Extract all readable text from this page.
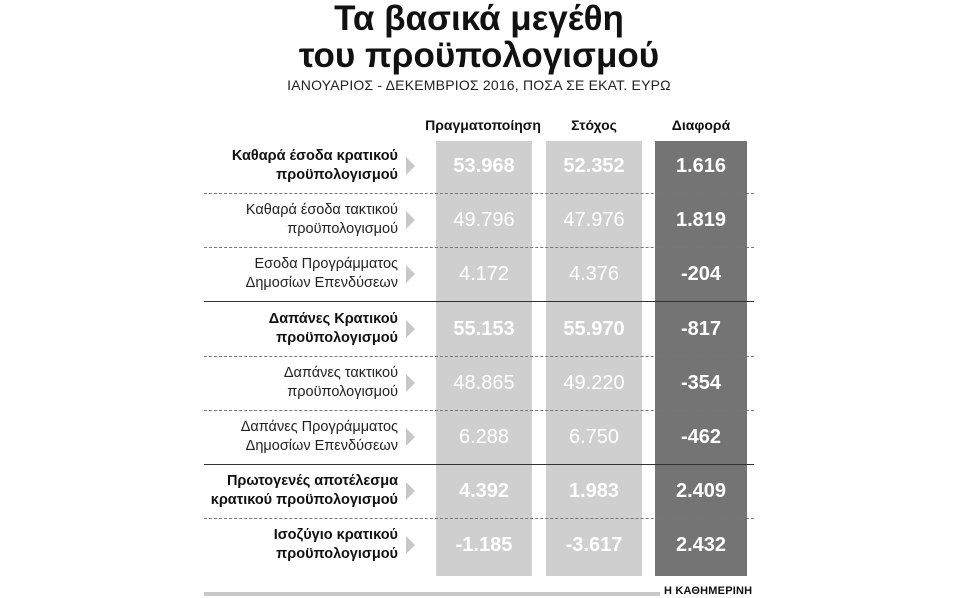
Τα βασικά μεγέθη
του προϋπολογισμού
ΙΑΝΟΥΑΡΙΟΣ - ΔΕΚΕΜΒΡΙΟΣ 2016, ΠΟΣΑ ΣΕ ΕΚΑΤ. ΕΥΡΩ
Πραγματοποίηση	Στόχος	Διαφορά
Καθαρά έσοδα κρατικού
προϋπολογισμού	53.968	52.352	1.616
Καθαρά έσοδα τακτικού
προϋπολογισμού	49.796	47.976	1.819
Εσοδα Προγράμματος
Δημοσίων Επενδύσεων	4.172	4.376	-204
Δαπάνες Κρατικού
προϋπολογισμού	55.153	55.970	-817
Δαπάνες τακτικού
προϋπολογισμού	48.865	49.220	-354
Δαπάνες Προγράμματος
Δημοσίων Επενδύσεων	6.288	6.750	-462
Πρωτογενές αποτέλεσμα
κρατικού προϋπολογισμού	4.392	1.983	2.409
Ισοζύγιο κρατικού
προϋπολογισμού	-1.185	-3.617	2.432
Η ΚΑΘΗΜΕΡΙΝΗ
